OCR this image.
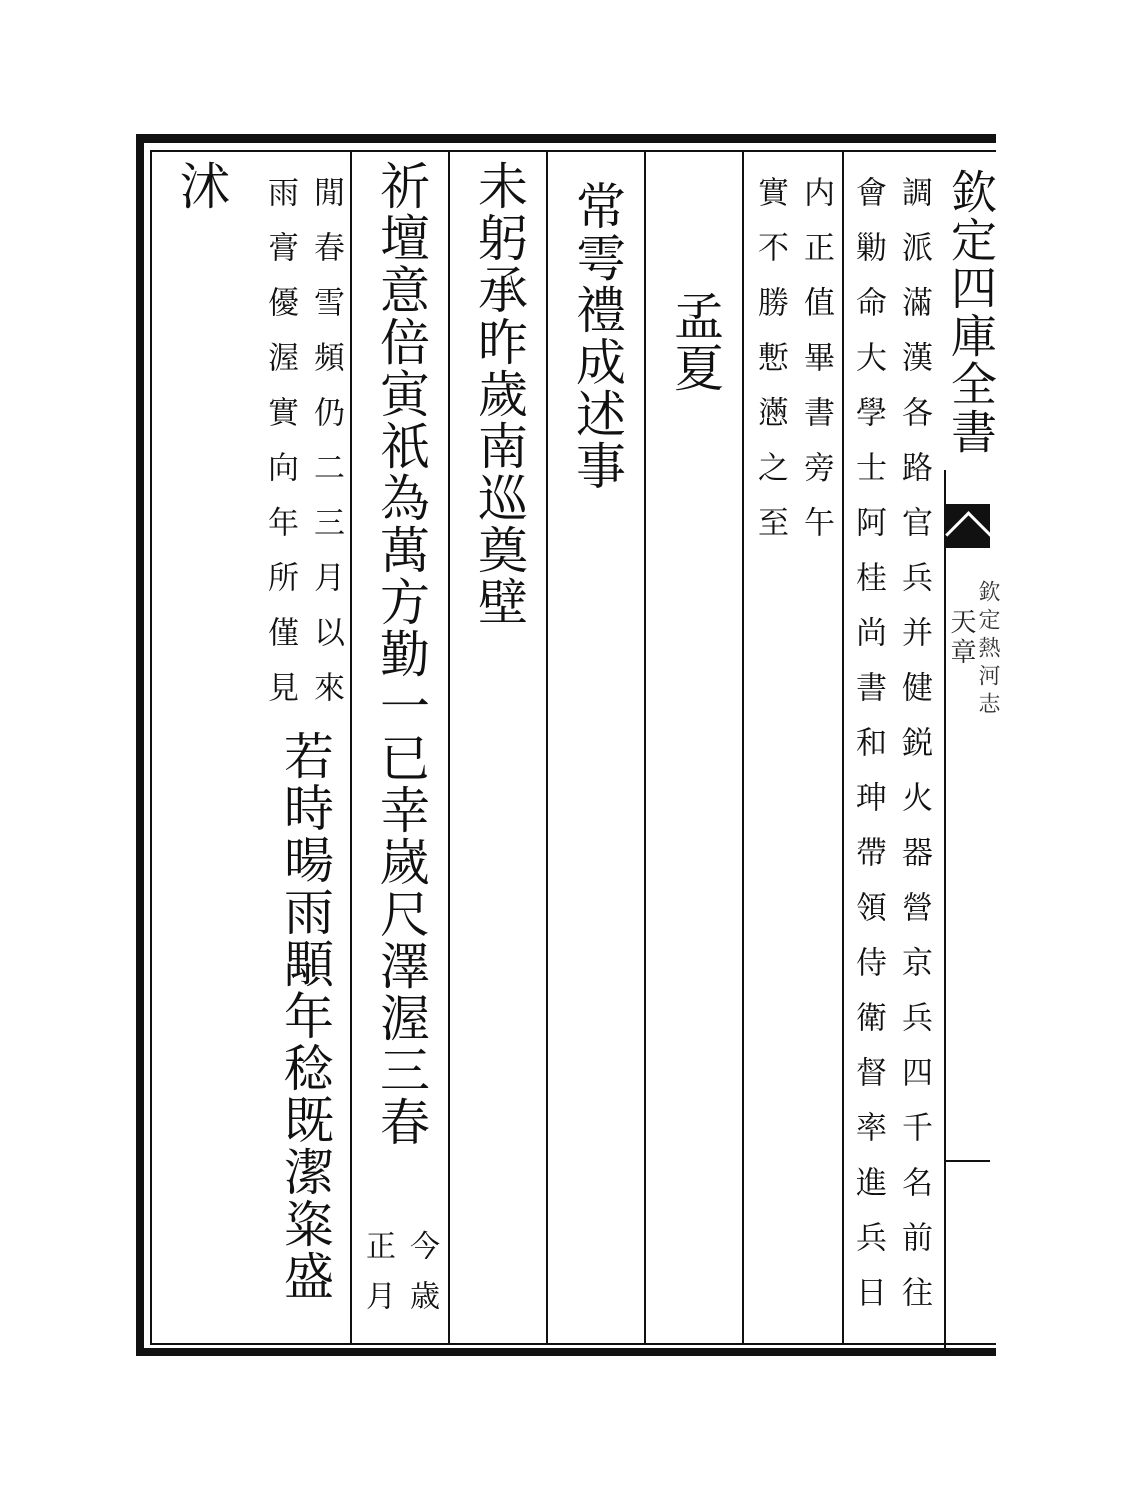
欽定四庫全書
天章 欽定熱河志
調派滿漢各路官兵并健鋭火器營京兵四千名前往
會勦命大學士阿桂尚書和珅帶領侍衛督率進兵日
内正值畢書旁午
實不勝慙懣之至
孟夏
常雩禮成述事
未躬承昨歲南巡奠壁
祈壇意倍寅祇為萬方勤一已幸嵗尺澤渥三春
今歳
正月
閒春雪頻仍二三月以來
雨膏優渥實向年所僅見
若時暘雨顒年稔既潔粢盛
沭
